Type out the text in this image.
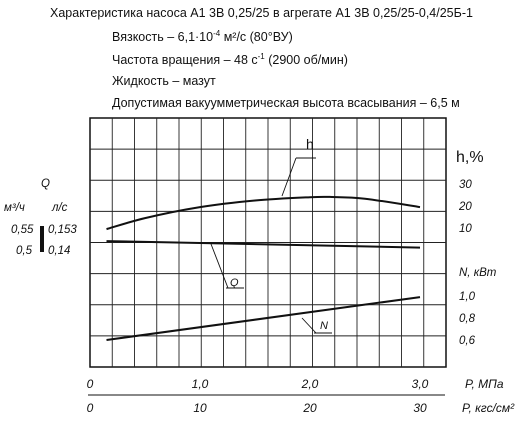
Характеристика насоса А1 3В 0,25/25 в агрегате А1 3В 0,25/25-0,4/25Б-1
Вязкость – $6,1\cdot 10^{-4}$ м²/с (80°ВУ)
Частота вращения – 48 $с^{-1}$ (2900 об/мин)
Жидкость – мазут
Допустимая вакуумметрическая высота всасывания – 6,5 м
h
Q
N
h,%
30
20
10
N, кВт
1,0
0,8
0,6
Q
м³/ч л/с
0,55
0,5
0,153
0,14
0	1,0	2,0	3,0	P, МПа
0	10	20	30	P, кгс/см²
